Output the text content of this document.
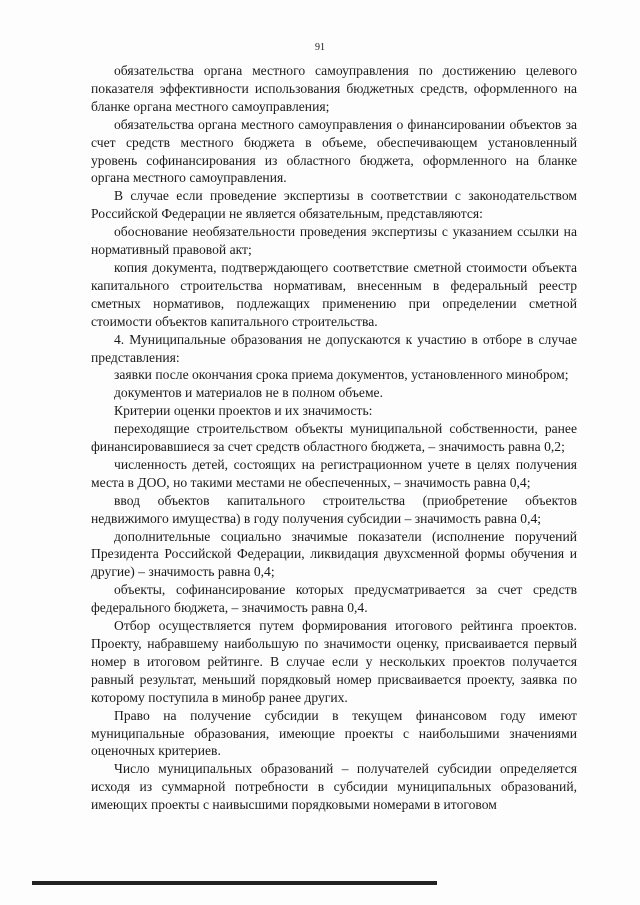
91

обязательства органа местного самоуправления по достижению целевого показателя эффективности использования бюджетных средств, оформленного на бланке органа местного самоуправления;

обязательства органа местного самоуправления о финансировании объектов за счет средств местного бюджета в объеме, обеспечивающем установленный уровень софинансирования из областного бюджета, оформленного на бланке органа местного самоуправления.

В случае если проведение экспертизы в соответствии с законодательством Российской Федерации не является обязательным, представляются:

обоснование необязательности проведения экспертизы с указанием ссылки на нормативный правовой акт;

копия документа, подтверждающего соответствие сметной стоимости объекта капитального строительства нормативам, внесенным в федеральный реестр сметных нормативов, подлежащих применению при определении сметной стоимости объектов капитального строительства.

4. Муниципальные образования не допускаются к участию в отборе в случае представления:

заявки после окончания срока приема документов, установленного минобром;

документов и материалов не в полном объеме.

Критерии оценки проектов и их значимость:

переходящие строительством объекты муниципальной собственности, ранее финансировавшиеся за счет средств областного бюджета, – значимость равна 0,2;

численность детей, состоящих на регистрационном учете в целях получения места в ДОО, но такими местами не обеспеченных, – значимость равна 0,4;

ввод объектов капитального строительства (приобретение объектов недвижимого имущества) в году получения субсидии – значимость равна 0,4;

дополнительные социально значимые показатели (исполнение поручений Президента Российской Федерации, ликвидация двухсменной формы обучения и другие) – значимость равна 0,4;

объекты, софинансирование которых предусматривается за счет средств федерального бюджета, – значимость равна 0,4.

Отбор осуществляется путем формирования итогового рейтинга проектов. Проекту, набравшему наибольшую по значимости оценку, присваивается первый номер в итоговом рейтинге. В случае если у нескольких проектов получается равный результат, меньший порядковый номер присваивается проекту, заявка по которому поступила в минобр ранее других.

Право на получение субсидии в текущем финансовом году имеют муниципальные образования, имеющие проекты с наибольшими значениями оценочных критериев.

Число муниципальных образований – получателей субсидии определяется исходя из суммарной потребности в субсидии муниципальных образований, имеющих проекты с наивысшими порядковыми номерами в итоговом
